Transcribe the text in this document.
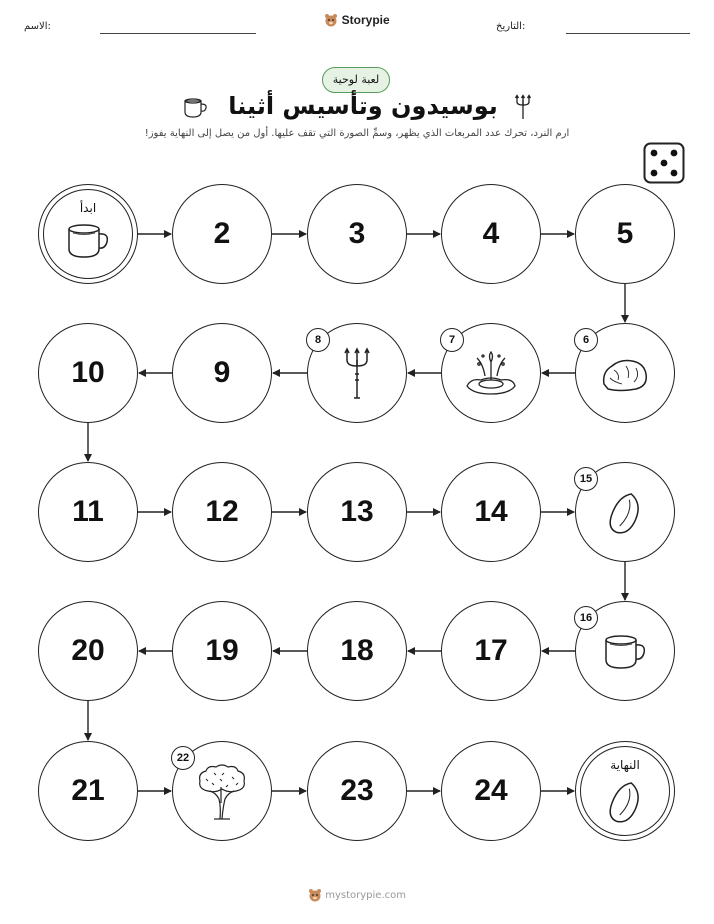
الاسم:	Storypie	التاريخ:
لعبة لوحية
بوسيدون وتأسيس أثينا
ارم النرد، تحرك عدد المربعات الذي يظهر، وسمِّ الصورة التي تقف عليها. أول من يصل إلى النهاية يفوز!
ابدأ
2	3	4	5
6
7
8
9
10
11	12	13	14
15
16
17
18
19
20
21
22
23	24
النهاية
mystorypie.com
